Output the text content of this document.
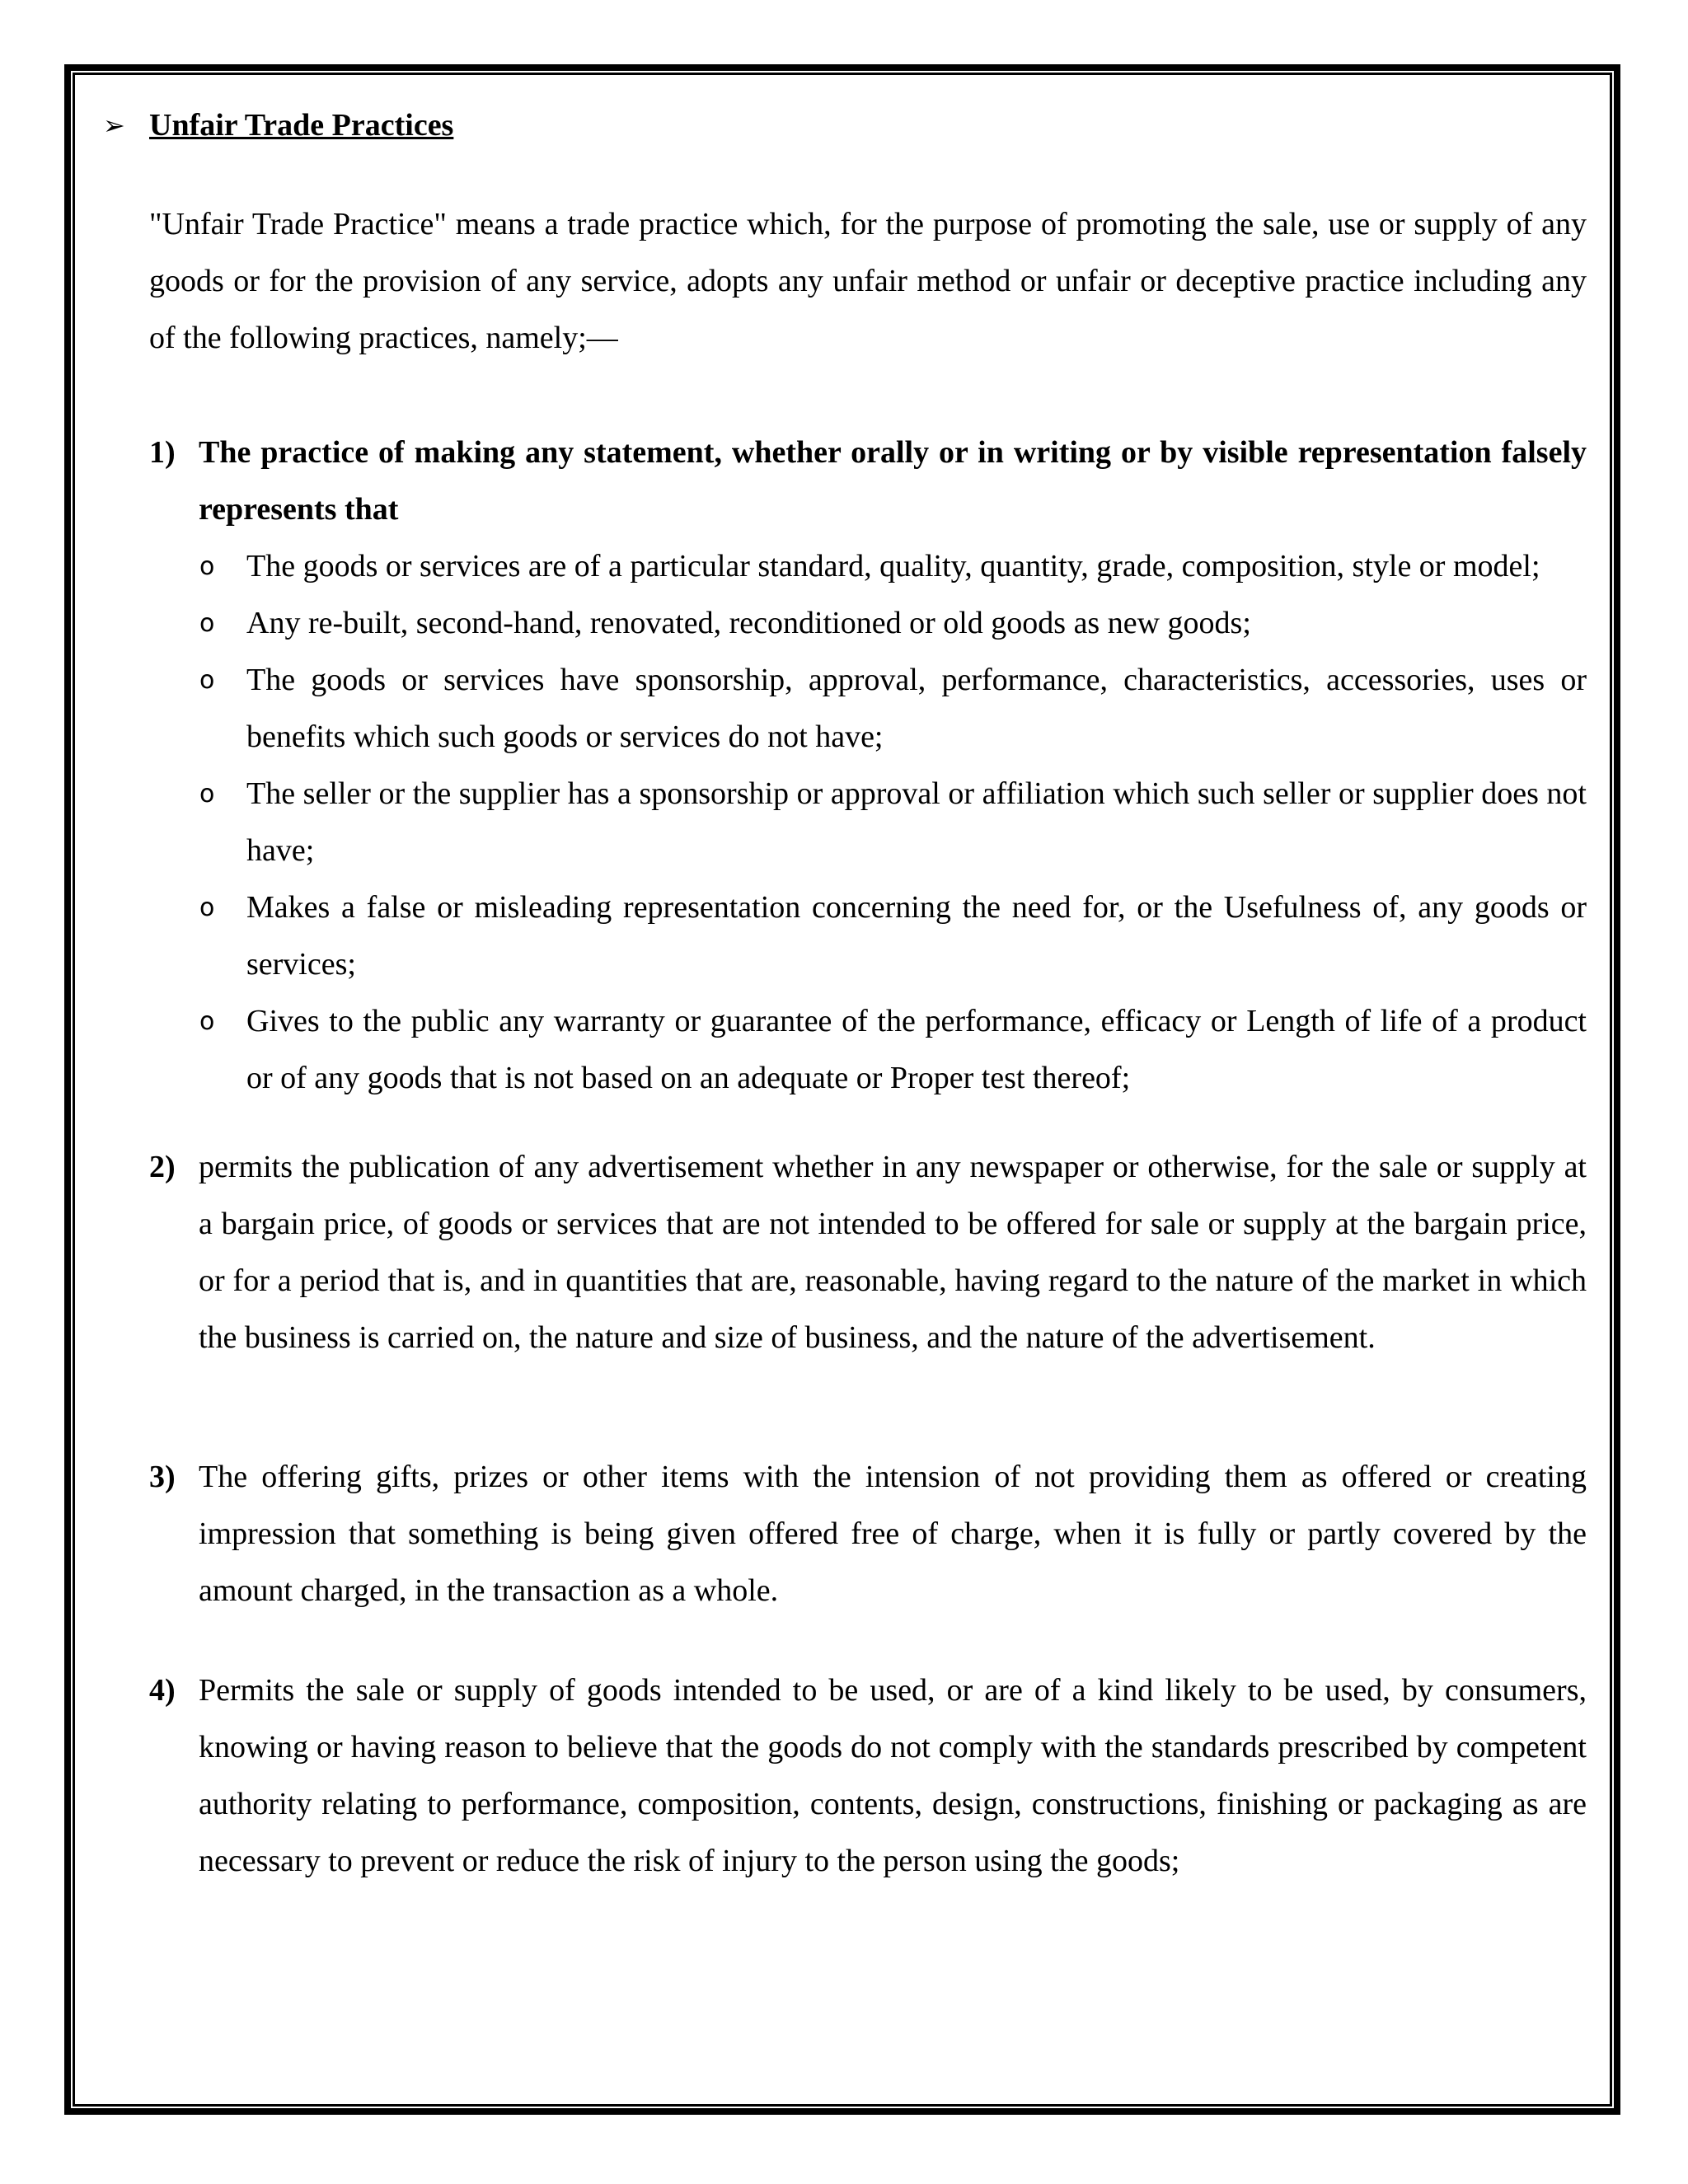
➢ Unfair Trade Practices
"Unfair Trade Practice" means a trade practice which, for the purpose of promoting the sale, use or supply of any goods or for the provision of any service, adopts any unfair method or unfair or deceptive practice including any of the following practices, namely;—
1) The practice of making any statement, whether orally or in writing or by visible representation falsely represents that
o The goods or services are of a particular standard, quality, quantity, grade, composition, style or model;
o Any re-built, second-hand, renovated, reconditioned or old goods as new goods;
o The goods or services have sponsorship, approval, performance, characteristics, accessories, uses or benefits which such goods or services do not have;
o The seller or the supplier has a sponsorship or approval or affiliation which such seller or supplier does not have;
o Makes a false or misleading representation concerning the need for, or the Usefulness of, any goods or services;
o Gives to the public any warranty or guarantee of the performance, efficacy or Length of life of a product or of any goods that is not based on an adequate or Proper test thereof;
2) permits the publication of any advertisement whether in any newspaper or otherwise, for the sale or supply at a bargain price, of goods or services that are not intended to be offered for sale or supply at the bargain price, or for a period that is, and in quantities that are, reasonable, having regard to the nature of the market in which the business is carried on, the nature and size of business, and the nature of the advertisement.
3) The offering gifts, prizes or other items with the intension of not providing them as offered or creating impression that something is being given offered free of charge, when it is fully or partly covered by the amount charged, in the transaction as a whole.
4) Permits the sale or supply of goods intended to be used, or are of a kind likely to be used, by consumers, knowing or having reason to believe that the goods do not comply with the standards prescribed by competent authority relating to performance, composition, contents, design, constructions, finishing or packaging as are necessary to prevent or reduce the risk of injury to the person using the goods;
